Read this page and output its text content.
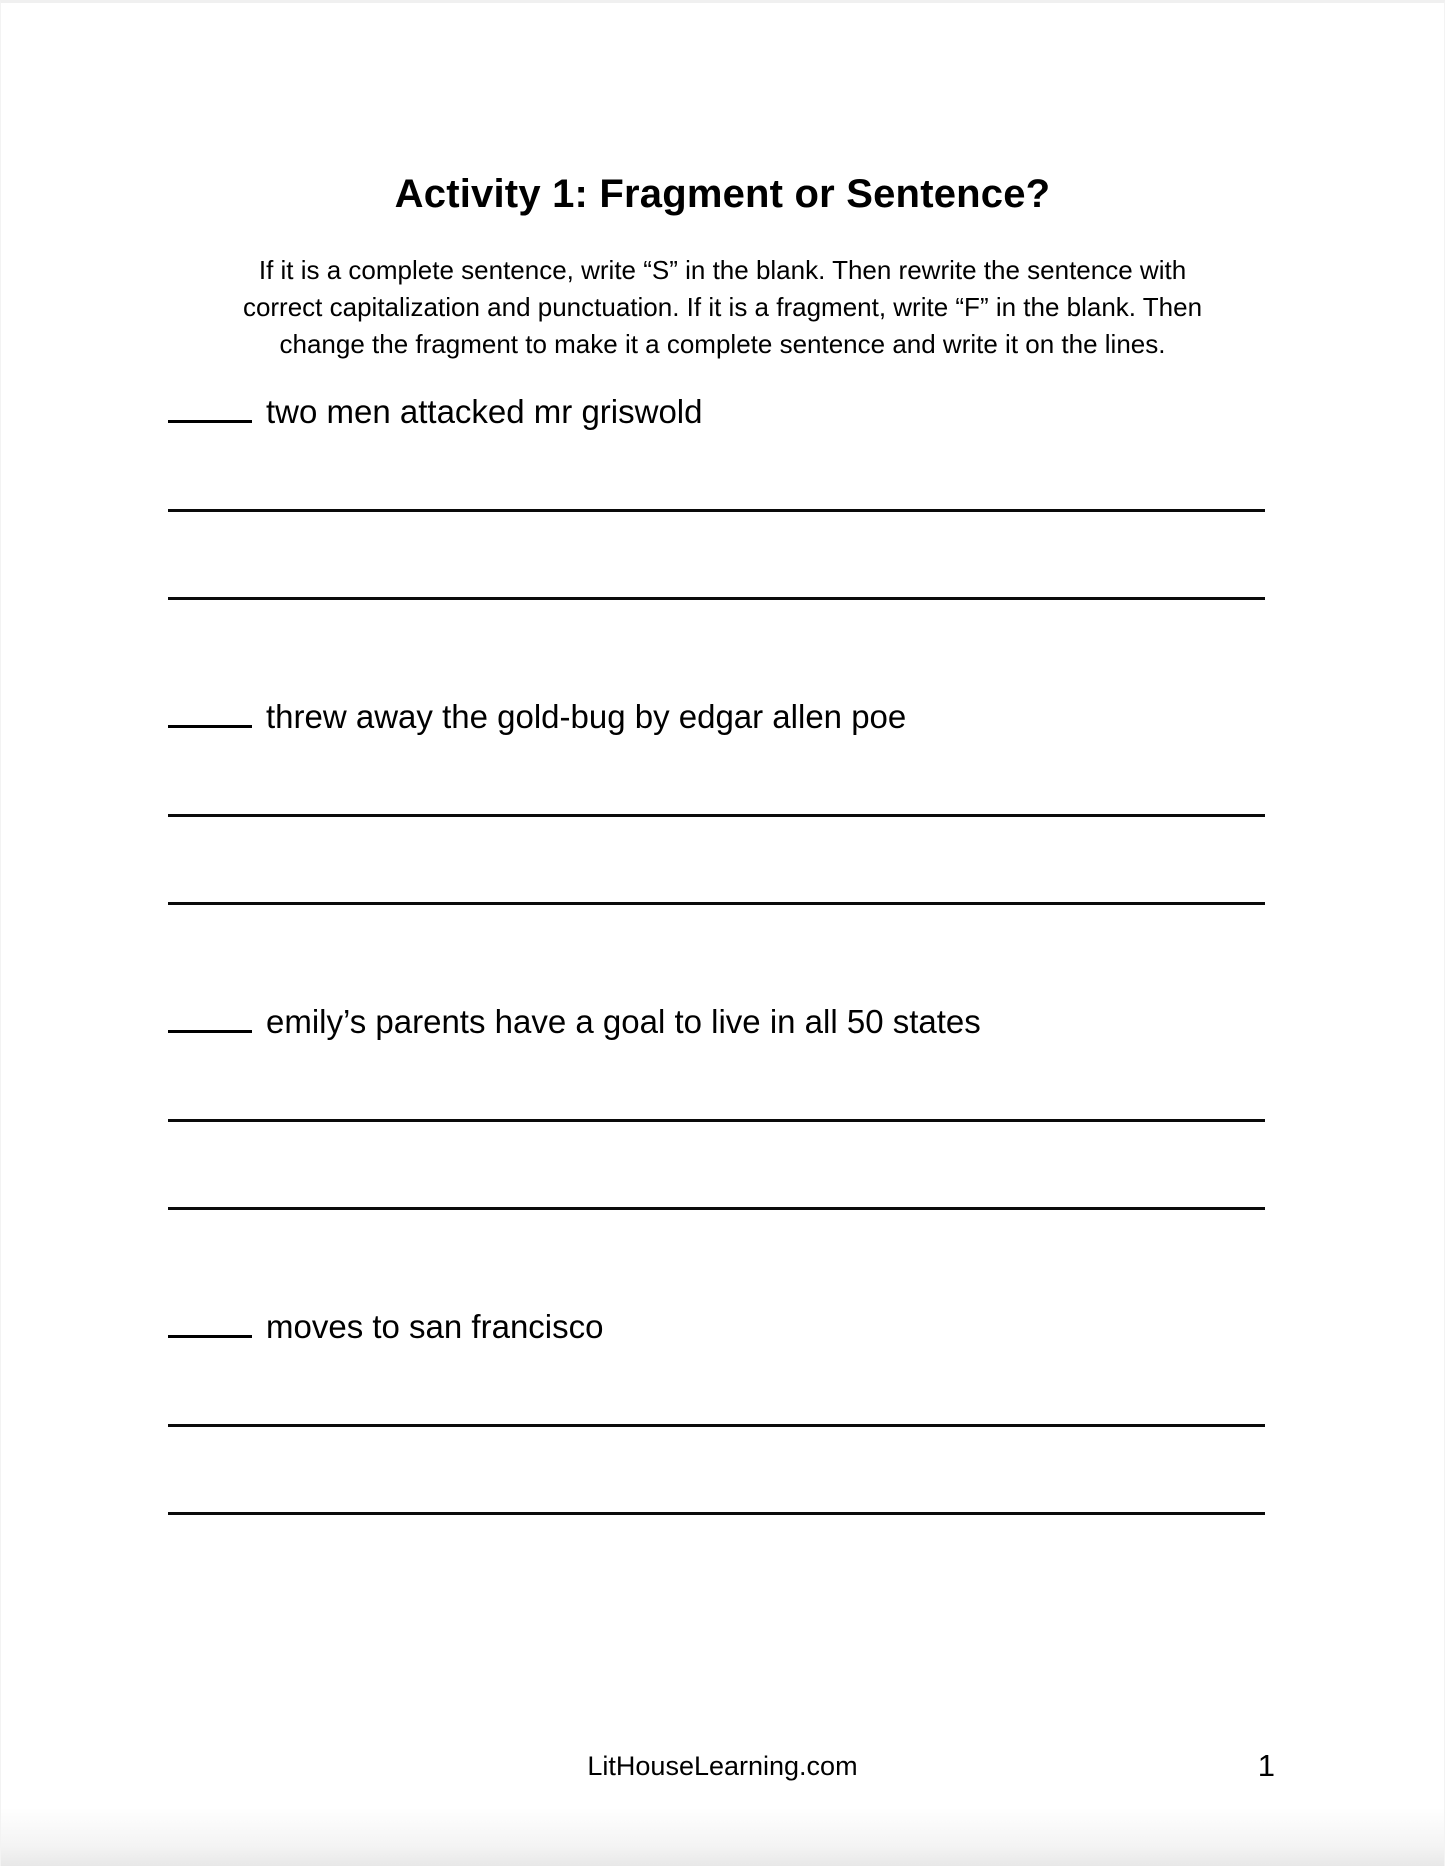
Activity 1: Fragment or Sentence?
If it is a complete sentence, write “S” in the blank. Then rewrite the sentence with
correct capitalization and punctuation. If it is a fragment, write “F” in the blank. Then
change the fragment to make it a complete sentence and write it on the lines.
two men attacked mr griswold
threw away the gold-bug by edgar allen poe
emily’s parents have a goal to live in all 50 states
moves to san francisco
LitHouseLearning.com	1
